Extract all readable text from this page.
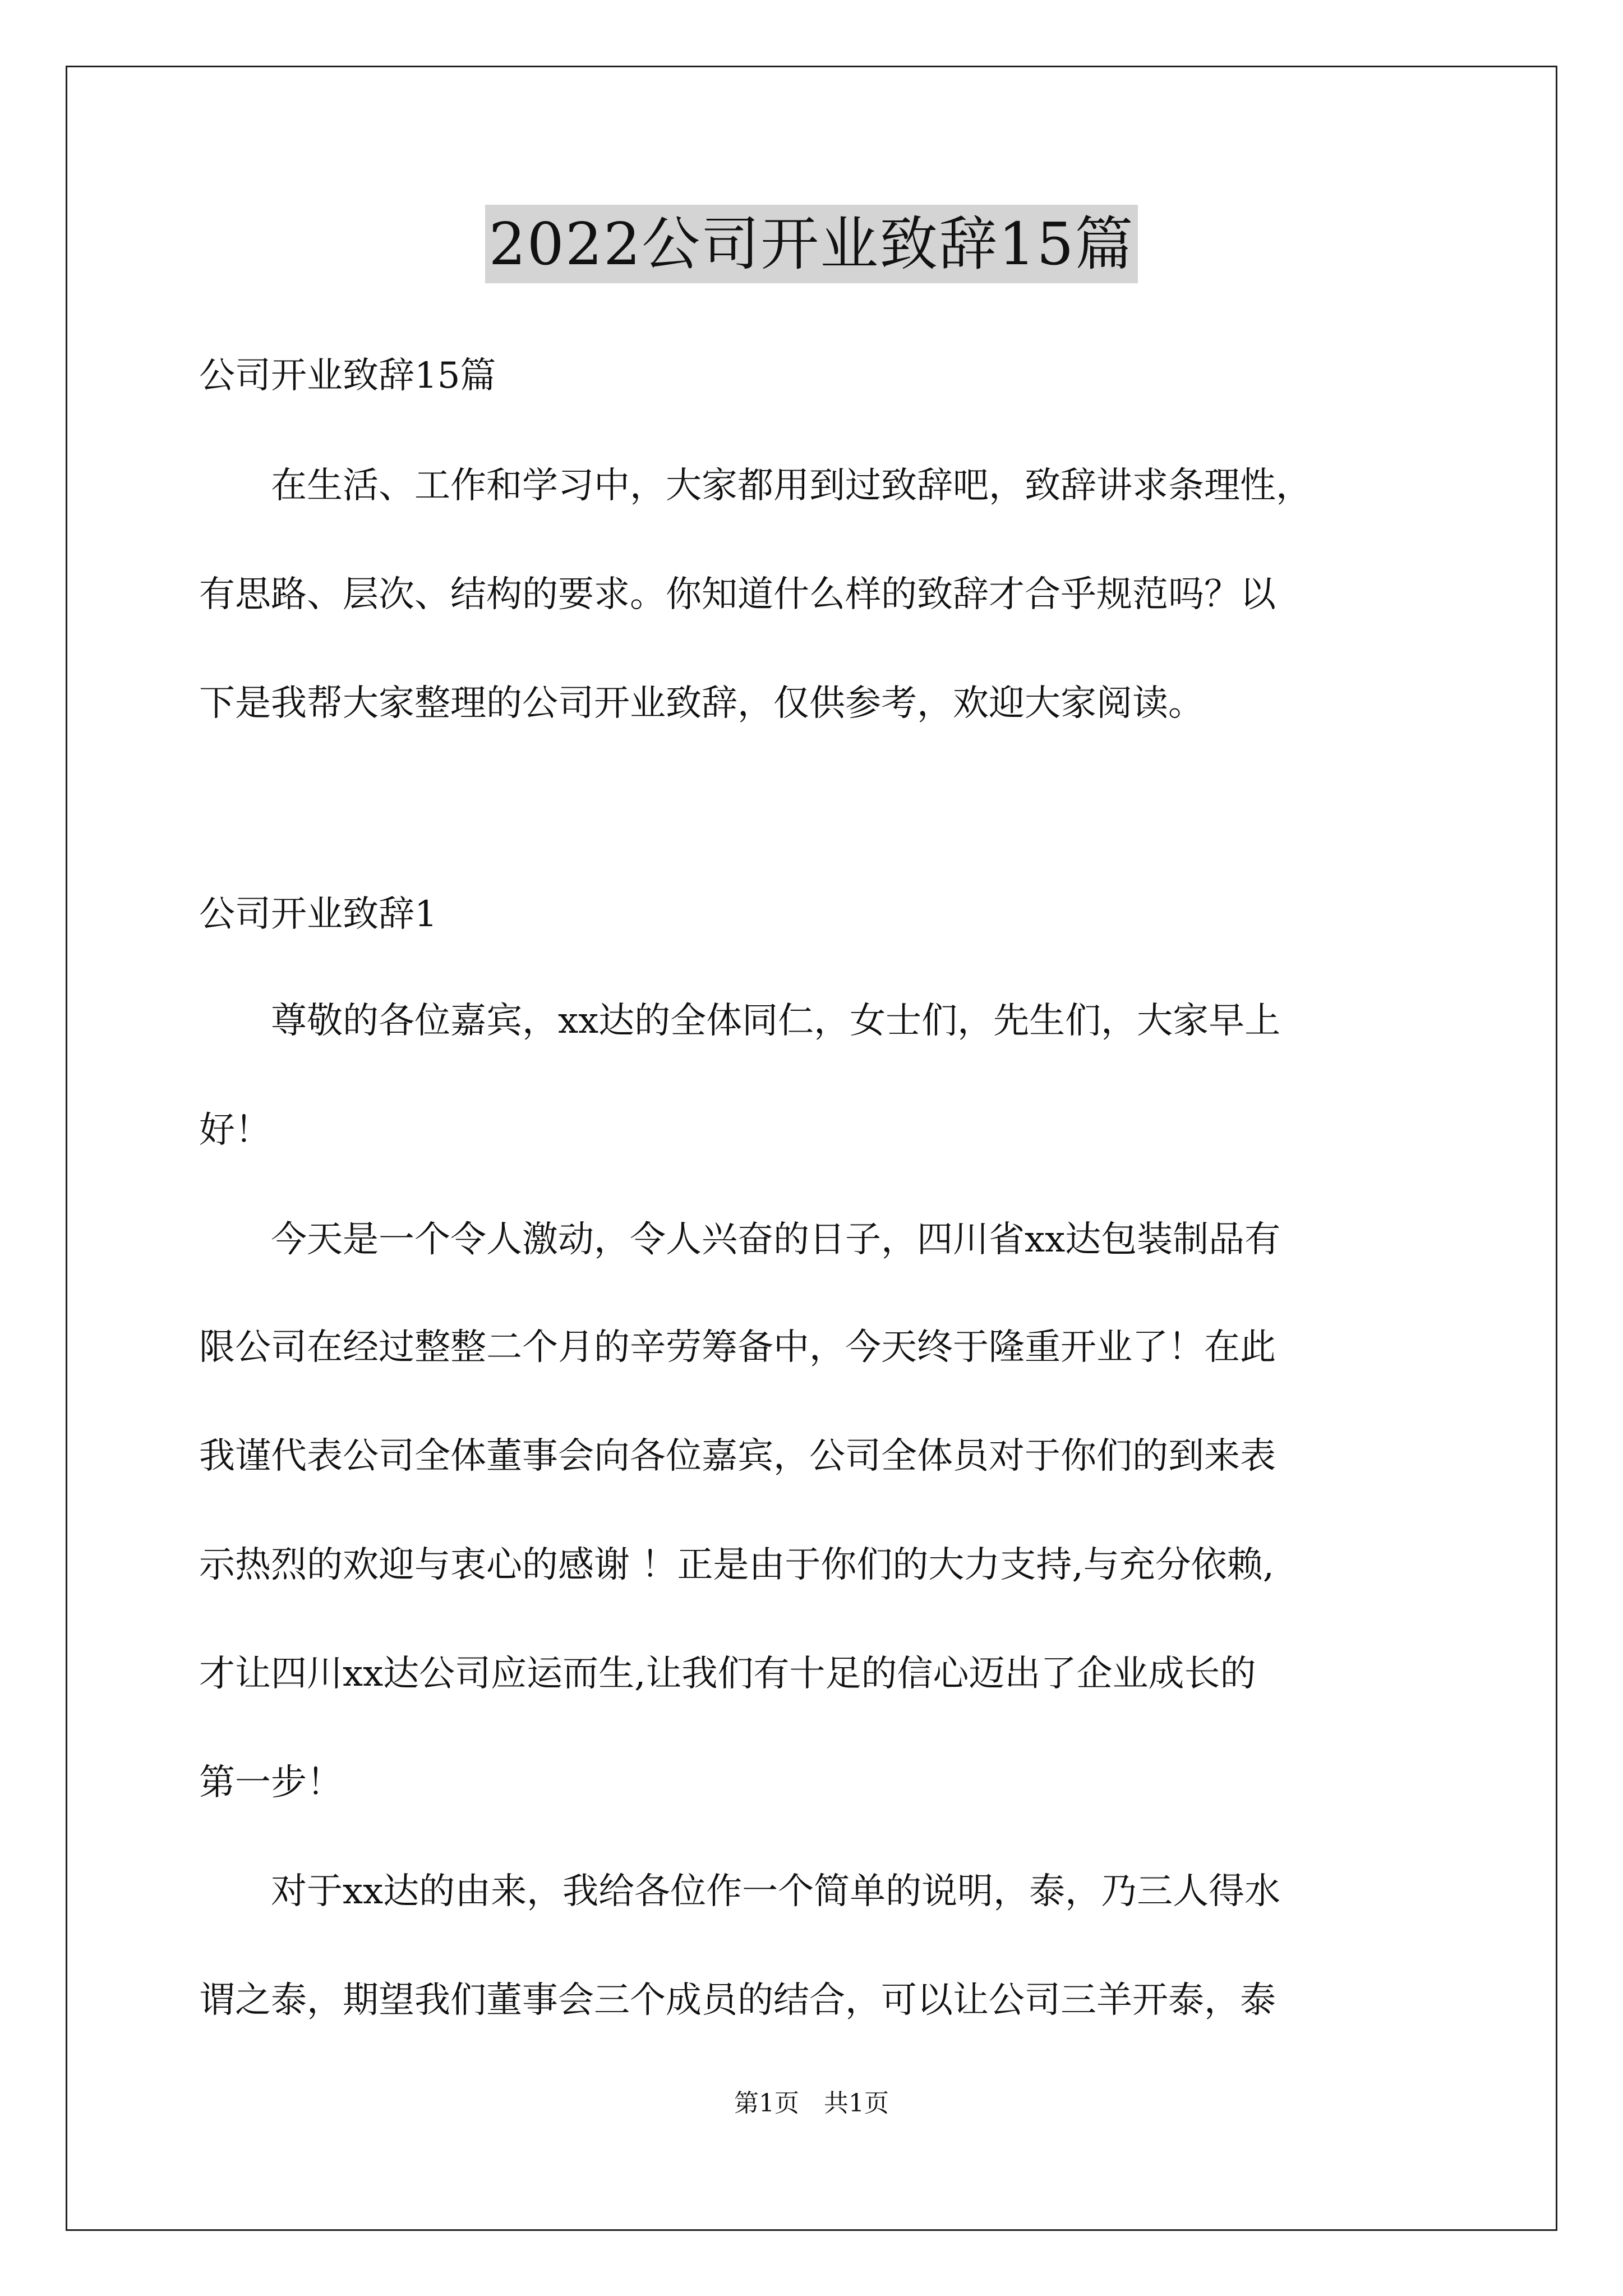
2022公司开业致辞15篇
公司开业致辞15篇
　　在生活、工作和学习中，大家都用到过致辞吧，致辞讲求条理性，
有思路、层次、结构的要求。你知道什么样的致辞才合乎规范吗？以
下是我帮大家整理的公司开业致辞，仅供参考，欢迎大家阅读。
公司开业致辞1
　　尊敬的各位嘉宾，xx达的全体同仁，女士们，先生们，大家早上
好！
　　今天是一个令人激动，令人兴奋的日子，四川省xx达包装制品有
限公司在经过整整二个月的辛劳筹备中，今天终于隆重开业了！在此
我谨代表公司全体董事会向各位嘉宾，公司全体员对于你们的到来表
示热烈的欢迎与衷心的感谢 ！正是由于你们的大力支持,与充分依赖,
才让四川xx达公司应运而生,让我们有十足的信心迈出了企业成长的
第一步！
　　对于xx达的由来，我给各位作一个简单的说明，泰，乃三人得水
谓之泰，期望我们董事会三个成员的结合，可以让公司三羊开泰，泰
第1页　共1页
